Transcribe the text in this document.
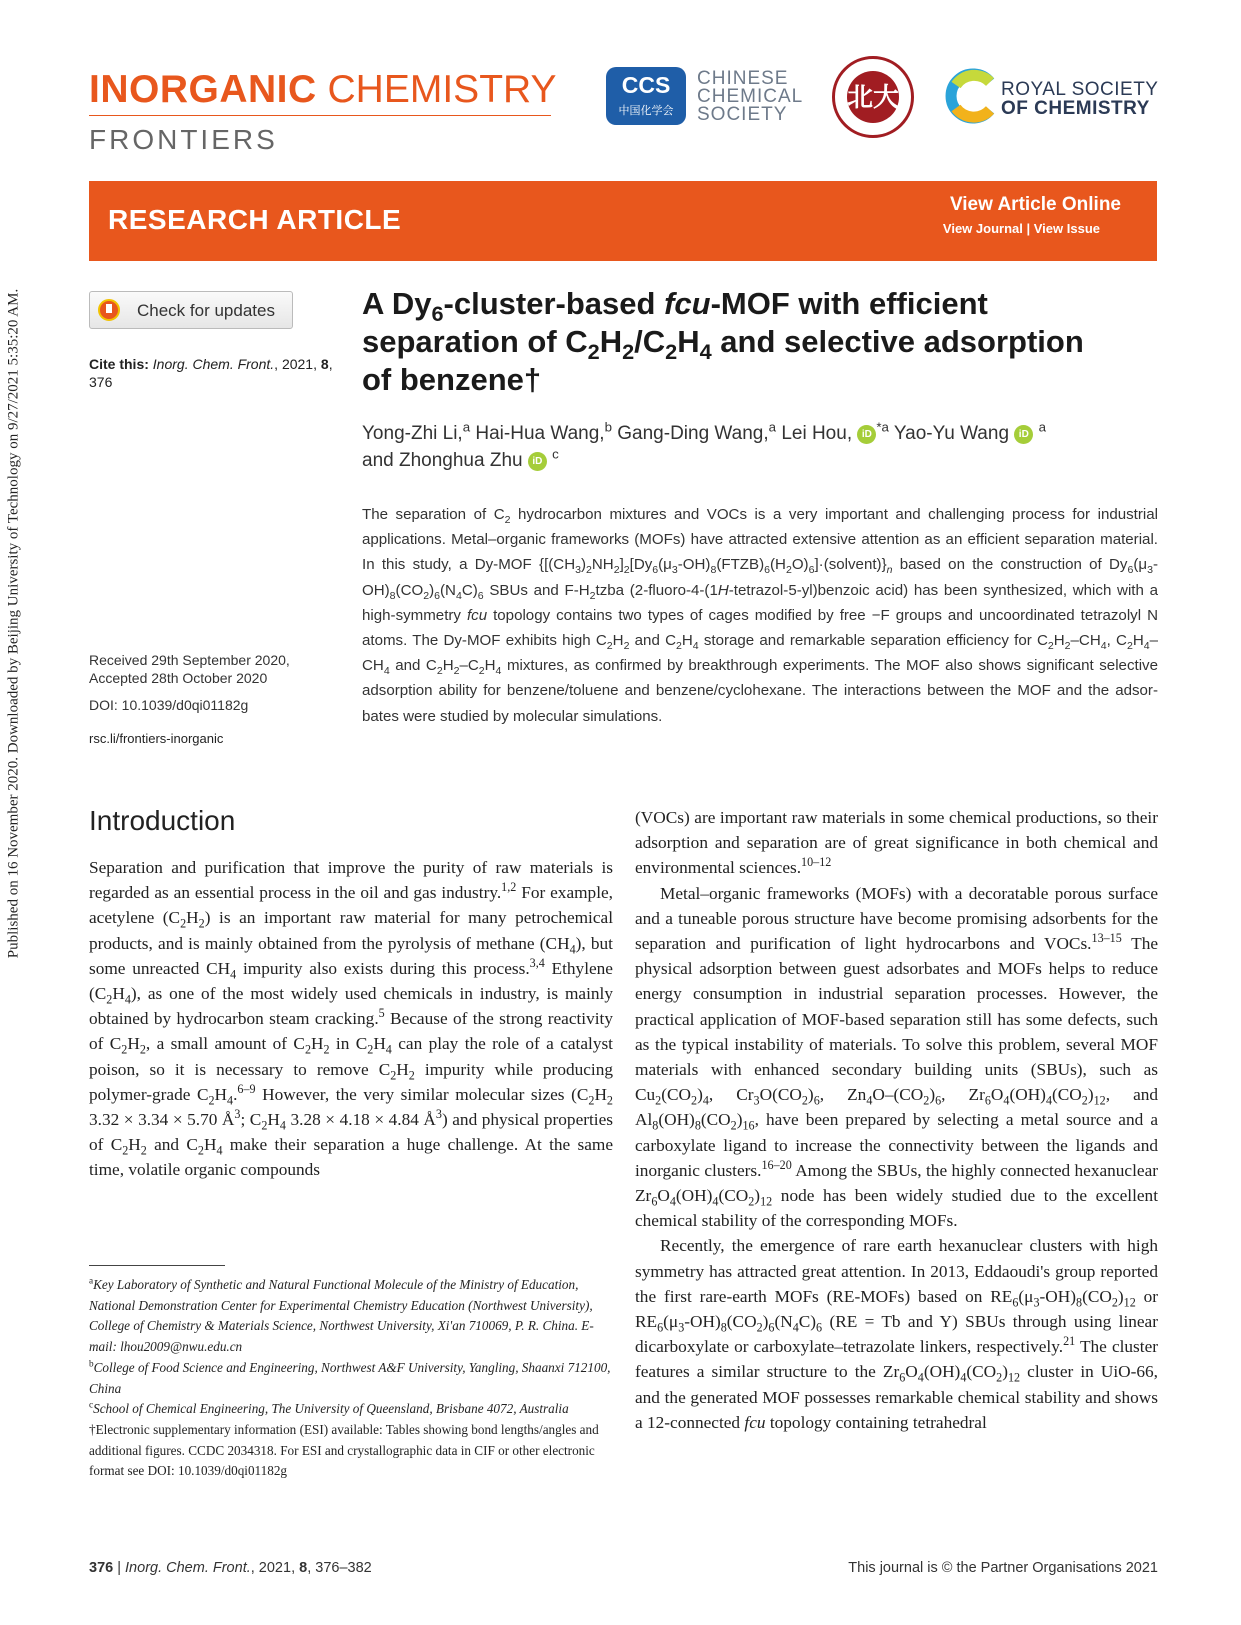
Published on 16 November 2020. Downloaded by Beijing University of Technology on 9/27/2021 5:35:20 AM.
INORGANIC CHEMISTRY
FRONTIERS
CCS
中国化学会
CHINESE
CHEMICAL
SOCIETY
北大	ROYAL SOCIETY
OF CHEMISTRY
RESEARCH ARTICLE	View Article Online
View Journal | View Issue
Check for updates
Cite this: Inorg. Chem. Front., 2021, 8, 376
Received 29th September 2020,
Accepted 28th October 2020
DOI: 10.1039/d0qi01182g
rsc.li/frontiers-inorganic
A $Dy_6-cluster$-based fcu-MOF with efficient separation of $C_2H_2/C_2H_4$ and selective adsorption of benzene†
Yong-Zhi Li,$^a$ Hai-Hua Wang,$^b$ Gang-Ding Wang,$^a$ Lei Hou, iD $^{*a}$ Yao-Yu Wang iD $^a$
and Zhonghua Zhu iD $^c$
The separation of $C_2$ hydrocarbon mixtures and VOCs is a very important and challenging process for industrial applications. Metal–organic frameworks (MOFs) have attracted extensive attention as an efficient separation material. In this study, a Dy-MOF $\{[(CH_3)_2NH_2]_2[Dy_6(\mu_3-OH)_8(FTZB)_6(H_2O)_6]\cdot(solvent)\}_n$ based on the construction of $Dy_6(\mu_3-OH)_8(CO_2)_6(N_4C)_6$ SBUs and $F-H_2tzba$ (2-fluoro-4-(1H-tetrazol-5-yl)benzoic acid) has been synthesized, which with a high-symmetry fcu topology contains two types of cages modified by free −F groups and uncoordinated tetrazolyl N atoms. The Dy-MOF exhibits high $C_2H_2$ and $C_2H_4$ storage and remarkable separation efficiency for $C_2H_2-CH_4$, $C_2H_4-CH_4$ and $C_2H_2-C_2H_4$ mixtures, as confirmed by breakthrough experiments. The MOF also shows significant selective adsorption ability for benzene/toluene and benzene/cyclohexane. The interactions between the MOF and the adsorbates were studied by molecular simulations.
Introduction

Separation and purification that improve the purity of raw materials is regarded as an essential process in the oil and gas industry.$^{1,2}$ For example, acetylene $(C_2H_2)$ is an important raw material for many petrochemical products, and is mainly obtained from the pyrolysis of methane $(CH_4)$, but some unreacted $CH_4$ impurity also exists during this process.$^{3,4}$ Ethylene $(C_2H_4)$, as one of the most widely used chemicals in industry, is mainly obtained by hydrocarbon steam cracking.$^5$ Because of the strong reactivity of $C_2H_2$, a small amount of $C_2H_2$ in $C_2H_4$ can play the role of a catalyst poison, so it is necessary to remove $C_2H_2$ impurity while producing polymer-grade $C_2H_4.^{6-9}$ However, the very similar molecular sizes ($C_2H_2$ 3.32 × 3.34 × 5.70 $Å^3$; $C_2H_4$ 3.28 × 4.18 × 4.84 $Å^3$) and physical properties of $C_2H_2$ and $C_2H_4$ make their separation a huge challenge. At the same time, volatile organic compounds

(VOCs) are important raw materials in some chemical productions, so their adsorption and separation are of great significance in both chemical and environmental sciences.$^{10-12}$

Metal–organic frameworks (MOFs) with a decoratable porous surface and a tuneable porous structure have become promising adsorbents for the separation and purification of light hydrocarbons and VOCs.$^{13-15}$ The physical adsorption between guest adsorbates and MOFs helps to reduce energy consumption in industrial separation processes. However, the practical application of MOF-based separation still has some defects, such as the typical instability of materials. To solve this problem, several MOF materials with enhanced secondary building units (SBUs), such as $Cu_2(CO_2)_4$, $Cr_3O(CO_2)_6$, $Zn_4O-(CO_2)_6$, $Zr_6O_4(OH)_4(CO_2)_{12}$, and $Al_8(OH)_8(CO_2)_{16}$, have been prepared by selecting a metal source and a carboxylate ligand to increase the connectivity between the ligands and inorganic clusters.$^{16-20}$ Among the SBUs, the highly connected hexanuclear $Zr_6O_4(OH)_4(CO_2)_{12}$ node has been widely studied due to the excellent chemical stability of the corresponding MOFs.

Recently, the emergence of rare earth hexanuclear clusters with high symmetry has attracted great attention. In 2013, Eddaoudi's group reported the first rare-earth MOFs (RE-MOFs) based on $RE_6(\mu_3-OH)_8(CO_2)_{12}$ or $RE_6(\mu_3-OH)_8(CO_2)_6(N_4C)_6$ (RE = Tb and Y) SBUs through using linear dicarboxylate or carboxylate–tetrazolate linkers, respectively.$^{21}$ The cluster features a similar structure to the $Zr_6O_4(OH)_4(CO_2)_{12}$ cluster in UiO-66, and the generated MOF possesses remarkable chemical stability and shows a 12-connected fcu topology containing tetrahedral

$^a$Key Laboratory of Synthetic and Natural Functional Molecule of the Ministry of Education, National Demonstration Center for Experimental Chemistry Education (Northwest University), College of Chemistry & Materials Science, Northwest University, Xi'an 710069, P. R. China. E-mail: lhou2009@nwu.edu.cn

$^b$College of Food Science and Engineering, Northwest A&F University, Yangling, Shaanxi 712100, China

$^c$School of Chemical Engineering, The University of Queensland, Brisbane 4072, Australia

†Electronic supplementary information (ESI) available: Tables showing bond lengths/angles and additional figures. CCDC 2034318. For ESI and crystallographic data in CIF or other electronic format see DOI: 10.1039/d0qi01182g

376 | Inorg. Chem. Front., 2021, 8, 376–382	This journal is © the Partner Organisations 2021
